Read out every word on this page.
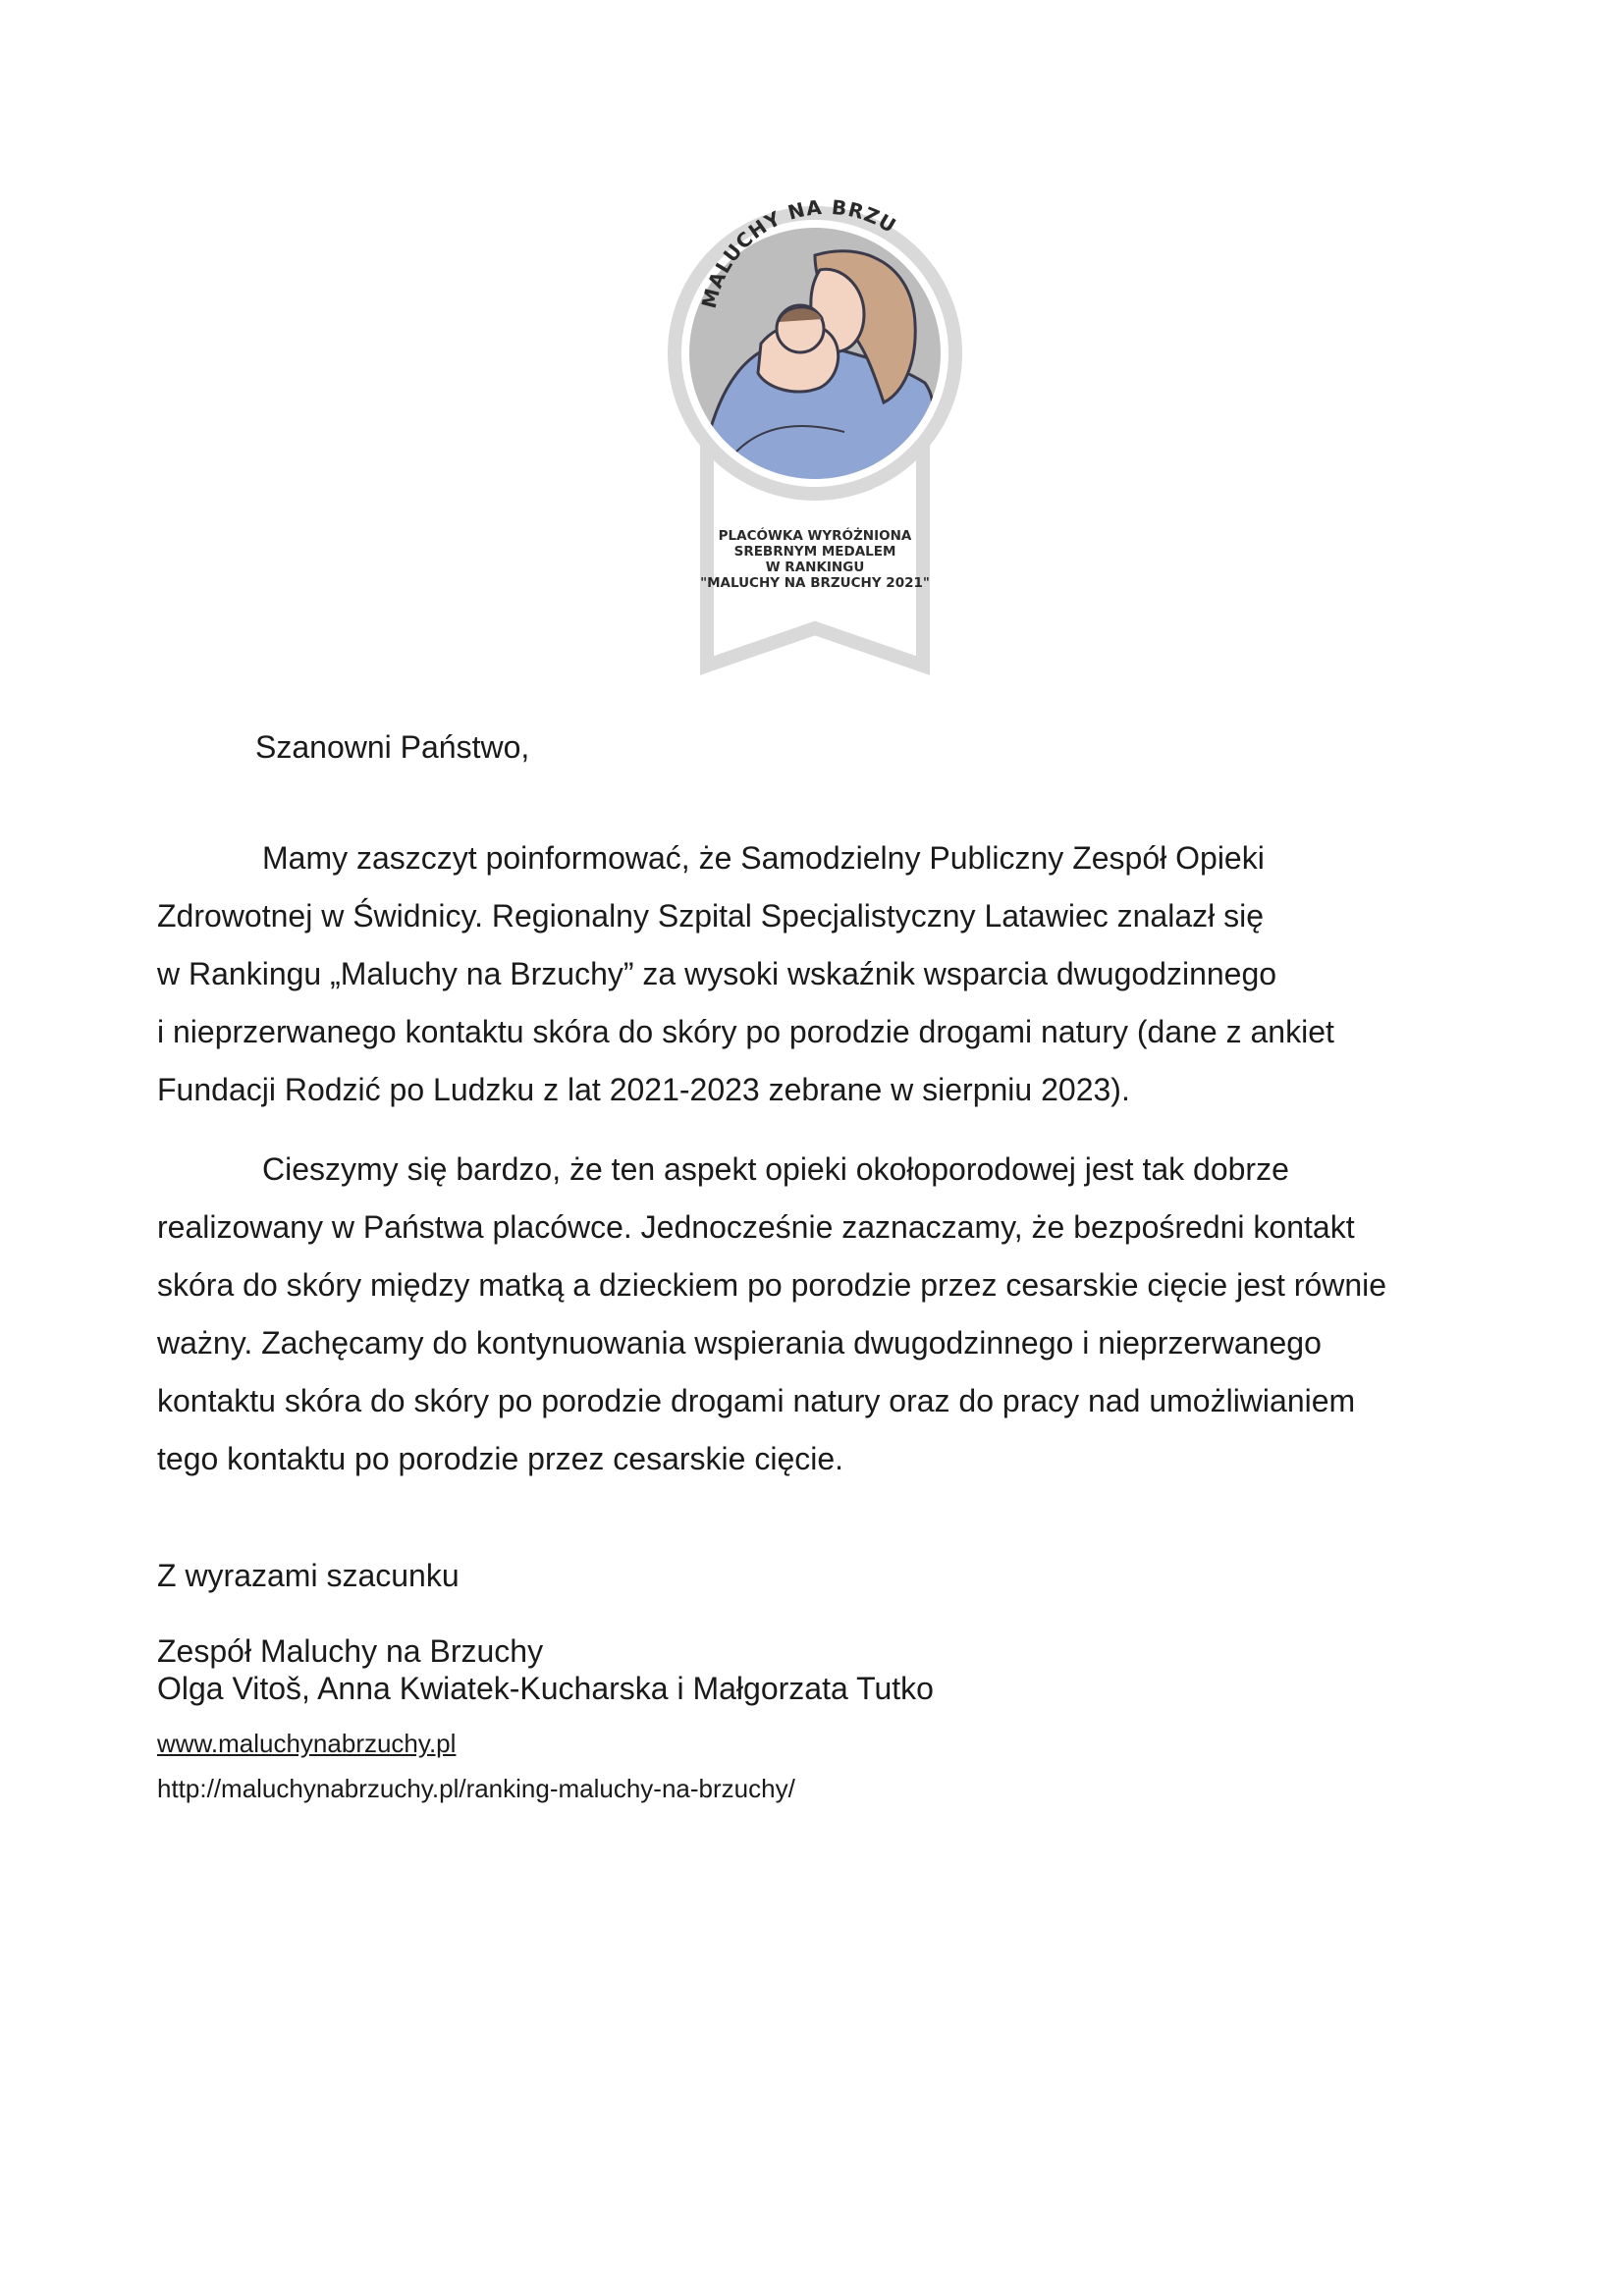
MALUCHY NA BRZU
PLACÓWKA WYRÓŻNIONA
SREBRNYM MEDALEM
W RANKINGU
"MALUCHY NA BRZUCHY 2021"

Szanowni Państwo,

Mamy zaszczyt poinformować, że Samodzielny Publiczny Zespół Opieki
Zdrowotnej w Świdnicy. Regionalny Szpital Specjalistyczny Latawiec znalazł się
w Rankingu „Maluchy na Brzuchy” za wysoki wskaźnik wsparcia dwugodzinnego
i nieprzerwanego kontaktu skóra do skóry po porodzie drogami natury (dane z ankiet
Fundacji Rodzić po Ludzku z lat 2021-2023 zebrane w sierpniu 2023).

Cieszymy się bardzo, że ten aspekt opieki okołoporodowej jest tak dobrze
realizowany w Państwa placówce. Jednocześnie zaznaczamy, że bezpośredni kontakt
skóra do skóry między matką a dzieckiem po porodzie przez cesarskie cięcie jest równie
ważny. Zachęcamy do kontynuowania wspierania dwugodzinnego i nieprzerwanego
kontaktu skóra do skóry po porodzie drogami natury oraz do pracy nad umożliwianiem
tego kontaktu po porodzie przez cesarskie cięcie.

Z wyrazami szacunku

Zespół Maluchy na Brzuchy

Olga Vitoš, Anna Kwiatek-Kucharska i Małgorzata Tutko

www.maluchynabrzuchy.pl
http://maluchynabrzuchy.pl/ranking-maluchy-na-brzuchy/
